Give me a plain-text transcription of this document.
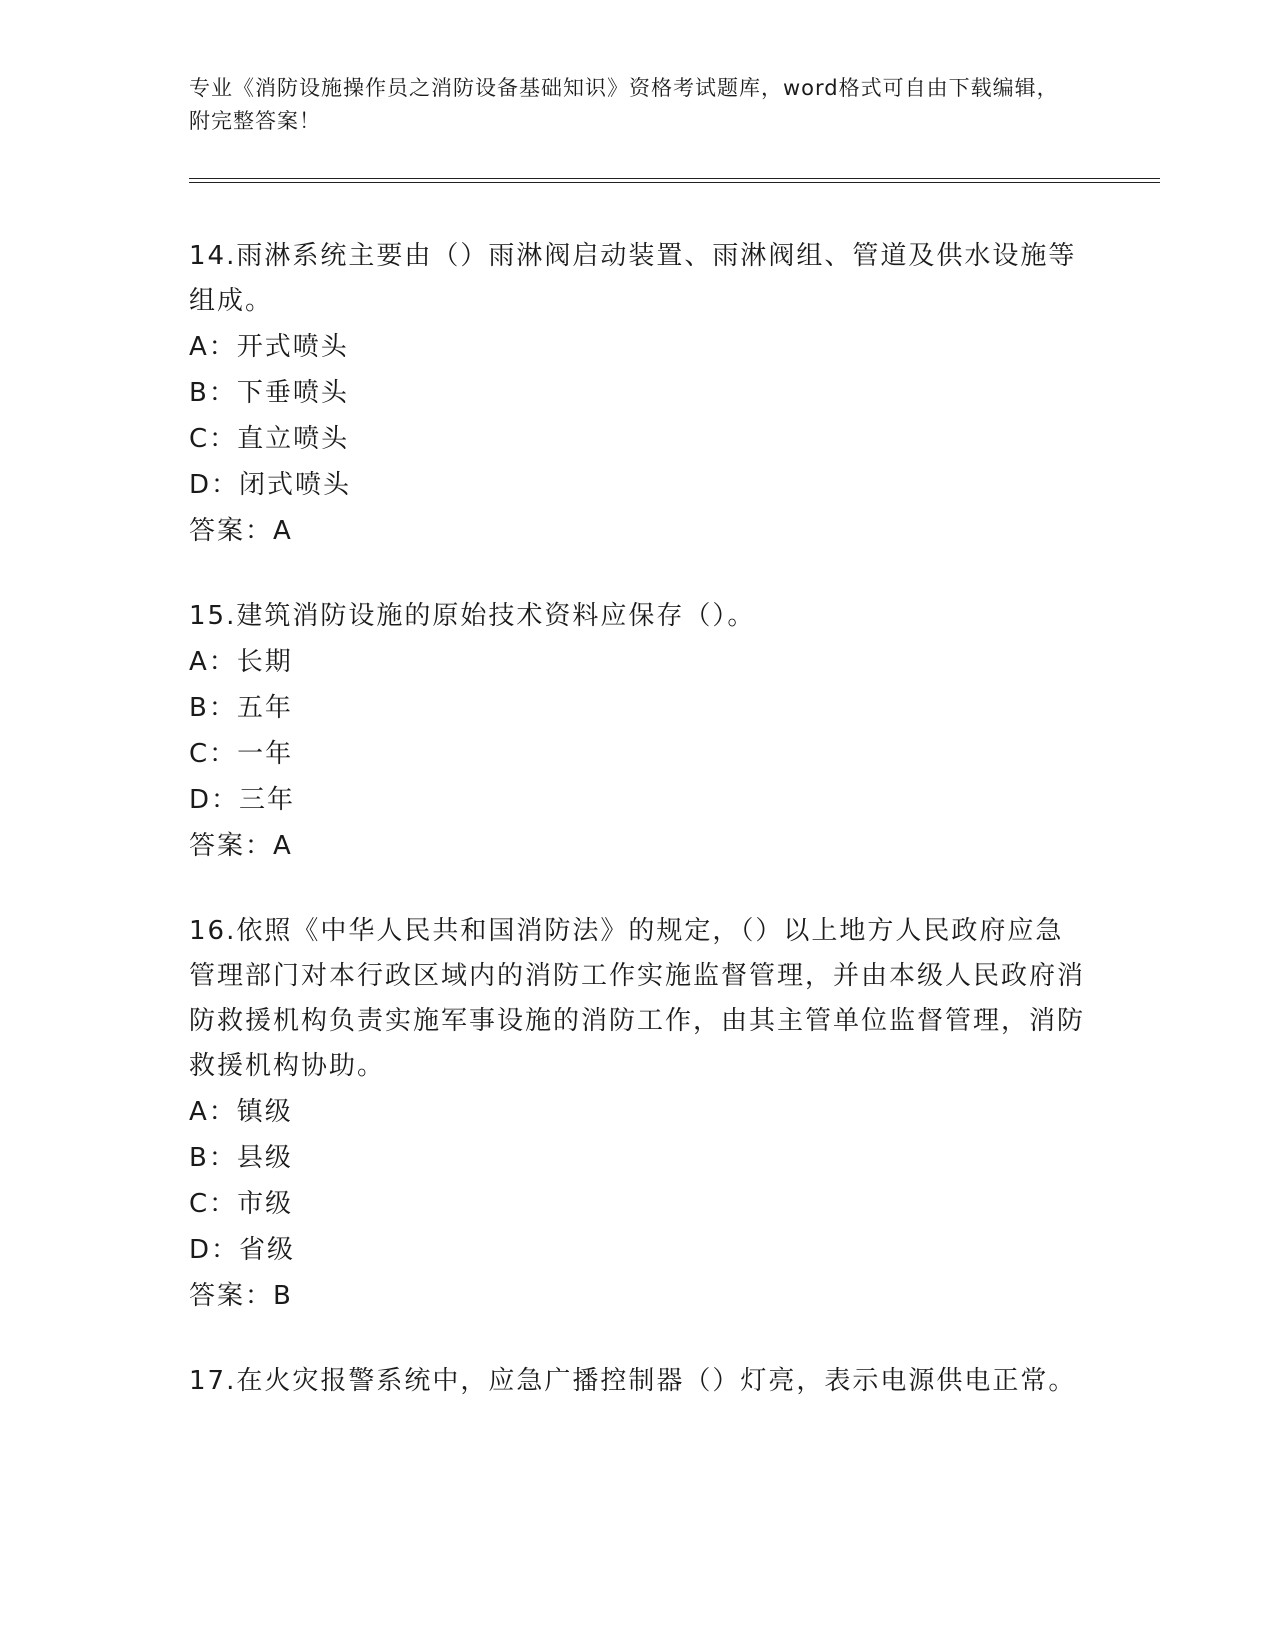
专业《消防设施操作员之消防设备基础知识》资格考试题库，word格式可自由下载编辑，附完整答案！

14.雨淋系统主要由（）雨淋阀启动装置、雨淋阀组、管道及供水设施等组成。

A：开式喷头

B：下垂喷头

C：直立喷头

D：闭式喷头

答案：A

15.建筑消防设施的原始技术资料应保存（）。

A：长期

B：五年

C：一年

D：三年

答案：A

16.依照《中华人民共和国消防法》的规定，（）以上地方人民政府应急管理部门对本行政区域内的消防工作实施监督管理，并由本级人民政府消防救援机构负责实施军事设施的消防工作，由其主管单位监督管理，消防救援机构协助。

A：镇级

B：县级

C：市级

D：省级

答案：B

17.在火灾报警系统中，应急广播控制器（）灯亮，表示电源供电正常。
